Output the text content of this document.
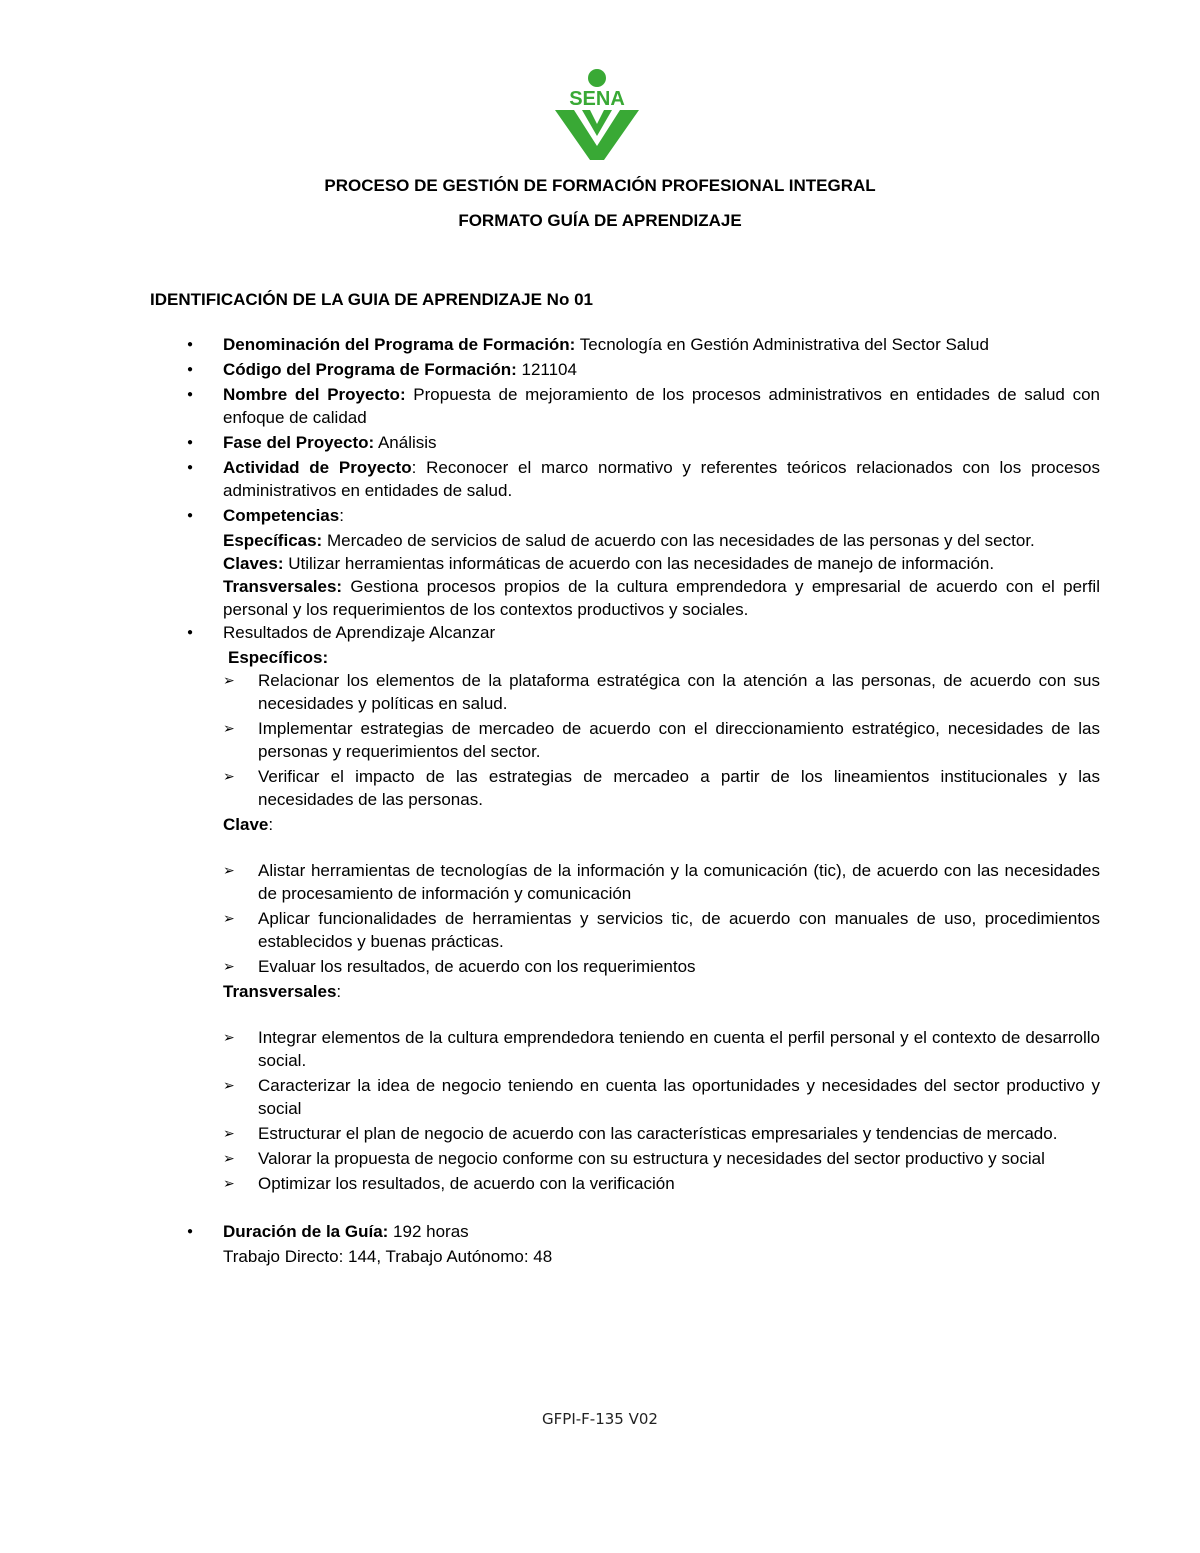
SENA
PROCESO DE GESTIÓN DE FORMACIÓN PROFESIONAL INTEGRAL
FORMATO GUÍA DE APRENDIZAJE
IDENTIFICACIÓN DE LA GUIA DE APRENDIZAJE No 01
● Denominación del Programa de Formación: Tecnología en Gestión Administrativa del Sector Salud
● Código del Programa de Formación: 121104
● Nombre del Proyecto: Propuesta de mejoramiento de los procesos administrativos en entidades de salud con enfoque de calidad
● Fase del Proyecto: Análisis
● Actividad de Proyecto: Reconocer el marco normativo y referentes teóricos relacionados con los procesos administrativos en entidades de salud.
● Competencias:
Específicas: Mercadeo de servicios de salud de acuerdo con las necesidades de las personas y del sector.
Claves: Utilizar herramientas informáticas de acuerdo con las necesidades de manejo de información.
Transversales: Gestiona procesos propios de la cultura emprendedora y empresarial de acuerdo con el perfil personal y los requerimientos de los contextos productivos y sociales.
● Resultados de Aprendizaje Alcanzar
Específicos:
➢ Relacionar los elementos de la plataforma estratégica con la atención a las personas, de acuerdo con sus necesidades y políticas en salud.
➢ Implementar estrategias de mercadeo de acuerdo con el direccionamiento estratégico, necesidades de las personas y requerimientos del sector.
➢ Verificar el impacto de las estrategias de mercadeo a partir de los lineamientos institucionales y las necesidades de las personas.
Clave:
➢ Alistar herramientas de tecnologías de la información y la comunicación (tic), de acuerdo con las necesidades de procesamiento de información y comunicación
➢ Aplicar funcionalidades de herramientas y servicios tic, de acuerdo con manuales de uso, procedimientos establecidos y buenas prácticas.
➢ Evaluar los resultados, de acuerdo con los requerimientos
Transversales:
➢ Integrar elementos de la cultura emprendedora teniendo en cuenta el perfil personal y el contexto de desarrollo social.
➢ Caracterizar la idea de negocio teniendo en cuenta las oportunidades y necesidades del sector productivo y social
➢ Estructurar el plan de negocio de acuerdo con las características empresariales y tendencias de mercado.
➢ Valorar la propuesta de negocio conforme con su estructura y necesidades del sector productivo y social
➢ Optimizar los resultados, de acuerdo con la verificación
● Duración de la Guía: 192 horas
Trabajo Directo: 144, Trabajo Autónomo: 48
GFPI-F-135 V02
